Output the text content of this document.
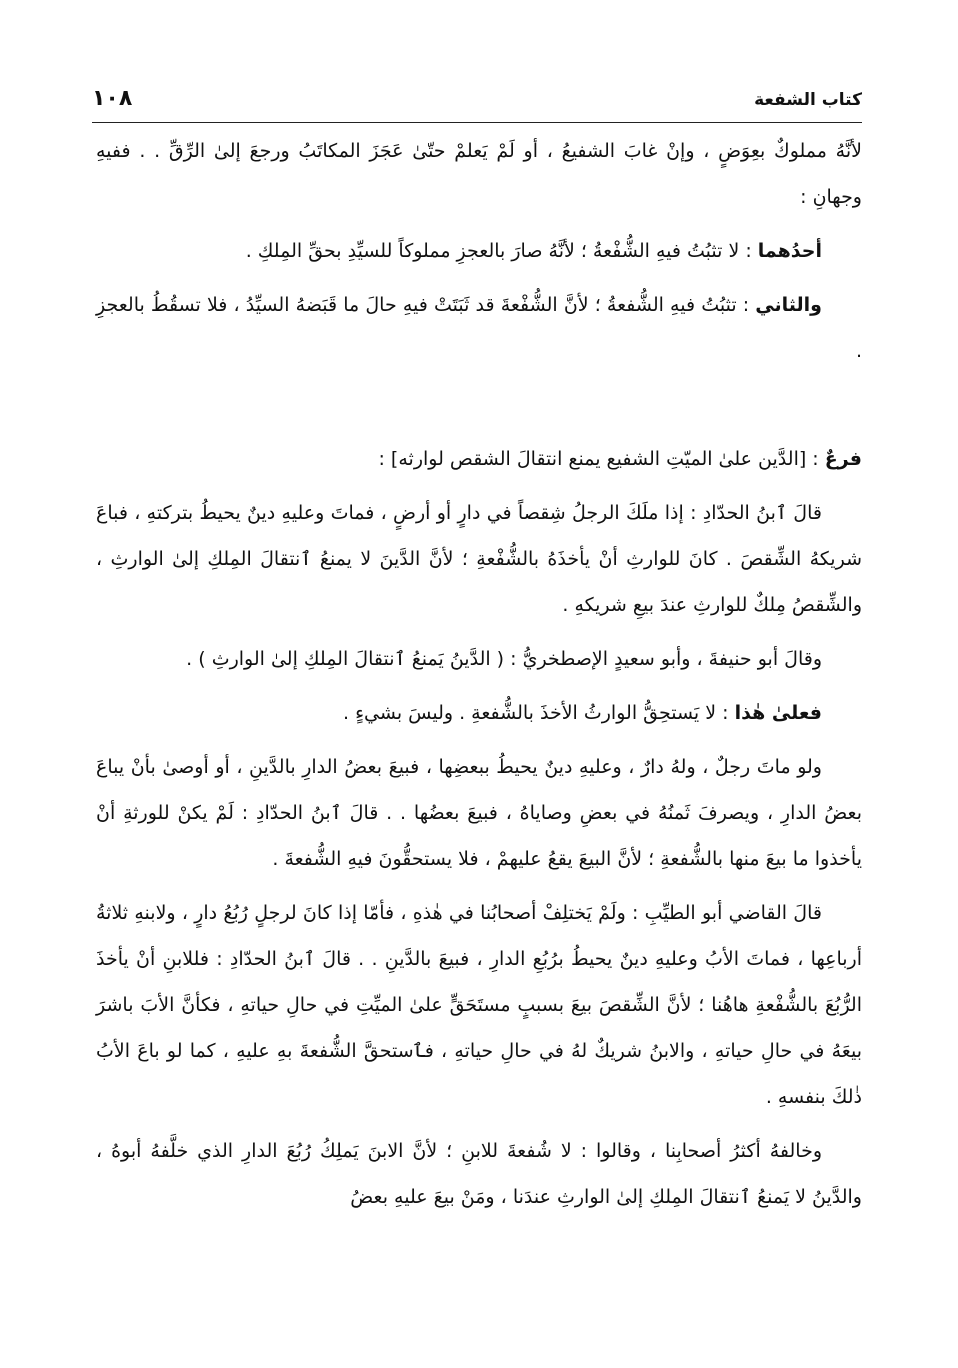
١٠٨	كتاب الشفعة

لأنَّهُ مملوكٌ بعِوَضٍ ، وإنْ غابَ الشفيعُ ، أو لَمْ يَعلمْ حتّىٰ عَجَزَ المكاتَبُ ورجعَ إلىٰ الرِّقِّ . . ففيهِ وجهانِ :

أحدُهما : لا تثبُتُ فيهِ الشُّفْعةُ ؛ لأنَّهُ صارَ بالعجزِ مملوكاً للسيِّدِ بحقِّ المِلكِ .

والثاني : تثبُتُ فيهِ الشُّفعةُ ؛ لأنَّ الشُّفْعةَ قد ثَبَتَتْ فيهِ حالَ ما قَبَضهُ السيِّدُ ، فلا تسقُطُ بالعجزِ .

فرعٌ : [الدَّين علىٰ الميّتِ الشفيع يمنع انتقالَ الشقص لوارثه] :

قالَ ٱبنُ الحدّادِ : إذا ملَكَ الرجلُ شِقصاً في دارٍ أو أرضٍ ، فماتَ وعليهِ دينٌ يحيطُ بتركتهِ ، فباعَ شريكهُ الشِّقصَ . كانَ للوارثِ أنْ يأخذَهُ بالشُّفْعةِ ؛ لأنَّ الدَّينَ لا يمنعُ ٱنتقالَ المِلكِ إلىٰ الوارثِ ، والشِّقصُ مِلكٌ للوارثِ عندَ بيعِ شريكهِ .

وقالَ أبو حنيفةَ ، وأبو سعيدٍ الإصطخريُّ : ( الدَّينُ يَمنعُ ٱنتقالَ المِلكِ إلىٰ الوارثِ ) .

فعلىٰ هٰذا : لا يَستحِقُّ الوارثُ الأخذَ بالشُّفعةِ . وليسَ بشيءٍ .

ولو ماتَ رجلٌ ، ولهُ دارٌ ، وعليهِ دينٌ يحيطُ ببعضِها ، فبيعَ بعضُ الدارِ بالدَّينِ ، أو أوصىٰ بأنْ يباعَ بعضُ الدارِ ، ويصرفَ ثَمنُهُ في بعضِ وصاياهُ ، فبيعَ بعضُها . . قالَ ٱبنُ الحدّادِ : لَمْ يكنْ للورثةِ أنْ يأخذوا ما بيعَ منها بالشُّفعةِ ؛ لأنَّ البيعَ يقعُ عليهمْ ، فلا يستحقُّونَ فيهِ الشُّفعةَ .

قالَ القاضي أبو الطيِّبِ : ولَمْ يَختلِفْ أصحابُنا في هٰذهِ ، فأمّا إذا كانَ لرجلٍ رُبُعُ دارٍ ، ولابنهِ ثلاثةُ أرباعِها ، فماتَ الأبُ وعليهِ دينٌ يحيطُ برُبُعِ الدارِ ، فبيعَ بالدَّينِ . . قالَ ٱبنُ الحدّادِ : فللابنِ أنْ يأخذَ الرُّبُعَ بالشُّفْعةِ هاهُنا ؛ لأنَّ الشِّقصَ بيعَ بسببٍ مستَحَقٍّ علىٰ الميِّتِ في حالِ حياتهِ ، فكأنَّ الأبَ باشرَ بيعَهُ في حالِ حياتهِ ، والابنُ شريكٌ لهُ في حالِ حياتهِ ، فٱستحقَّ الشُّفعةَ بهِ عليهِ ، كما لو باعَ الأبُ ذٰلكَ بنفسهِ .

وخالفهُ أكثرُ أصحابِنا ، وقالوا : لا شُفعةَ للابنِ ؛ لأنَّ الابنَ يَملِكُ رُبُعَ الدارِ الذي خلَّفهُ أبوهُ ، والدَّينُ لا يَمنعُ ٱنتقالَ المِلكِ إلىٰ الوارثِ عندَنا ، ومَنْ بيعَ عليهِ بعضُ
